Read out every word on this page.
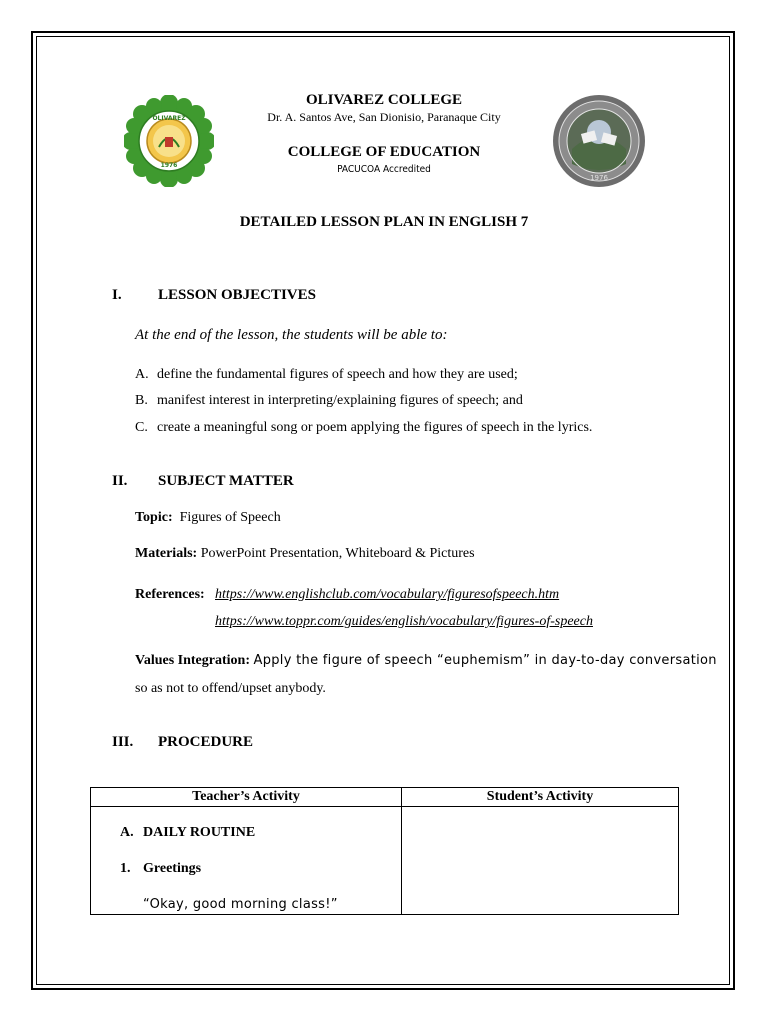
OLIVAREZ
1976
1976
OLIVAREZ COLLEGE
Dr. A. Santos Ave, San Dionisio, Paranaque City
COLLEGE OF EDUCATION
PACUCOA Accredited
DETAILED LESSON PLAN IN ENGLISH 7
I. LESSON OBJECTIVES
At the end of the lesson, the students will be able to:
A. define the fundamental figures of speech and how they are used;
B. manifest interest in interpreting/explaining figures of speech; and
C. create a meaningful song or poem applying the figures of speech in the lyrics.
II. SUBJECT MATTER
Topic: Figures of Speech
Materials: PowerPoint Presentation, Whiteboard & Pictures
References: https://www.englishclub.com/vocabulary/figuresofspeech.htm
https://www.toppr.com/guides/english/vocabulary/figures-of-speech
Values Integration: Apply the figure of speech “euphemism” in day-to-day conversation
so as not to offend/upset anybody.
III. PROCEDURE
Teacher’s Activity	Student’s Activity

A. DAILY ROUTINE
1. Greetings
“Okay, good morning class!”	
